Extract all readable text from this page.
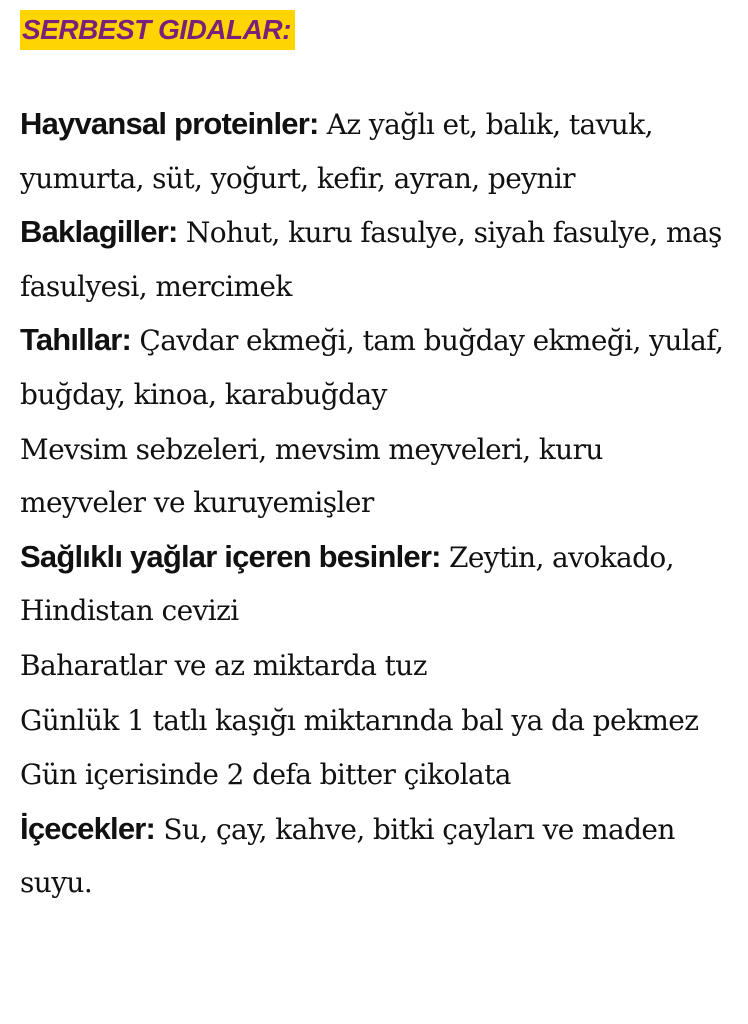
SERBEST GIDALAR:

Hayvansal proteinler: Az yağlı et, balık, tavuk, yumurta, süt, yoğurt, kefir, ayran, peynir

Baklagiller: Nohut, kuru fasulye, siyah fasulye, maş fasulyesi, mercimek

Tahıllar: Çavdar ekmeği, tam buğday ekmeği, yulaf, buğday, kinoa, karabuğday

Mevsim sebzeleri, mevsim meyveleri, kuru meyveler ve kuruyemişler

Sağlıklı yağlar içeren besinler: Zeytin, avokado, Hindistan cevizi

Baharatlar ve az miktarda tuz

Günlük 1 tatlı kaşığı miktarında bal ya da pekmez

Gün içerisinde 2 defa bitter çikolata

İçecekler: Su, çay, kahve, bitki çayları ve maden suyu.
